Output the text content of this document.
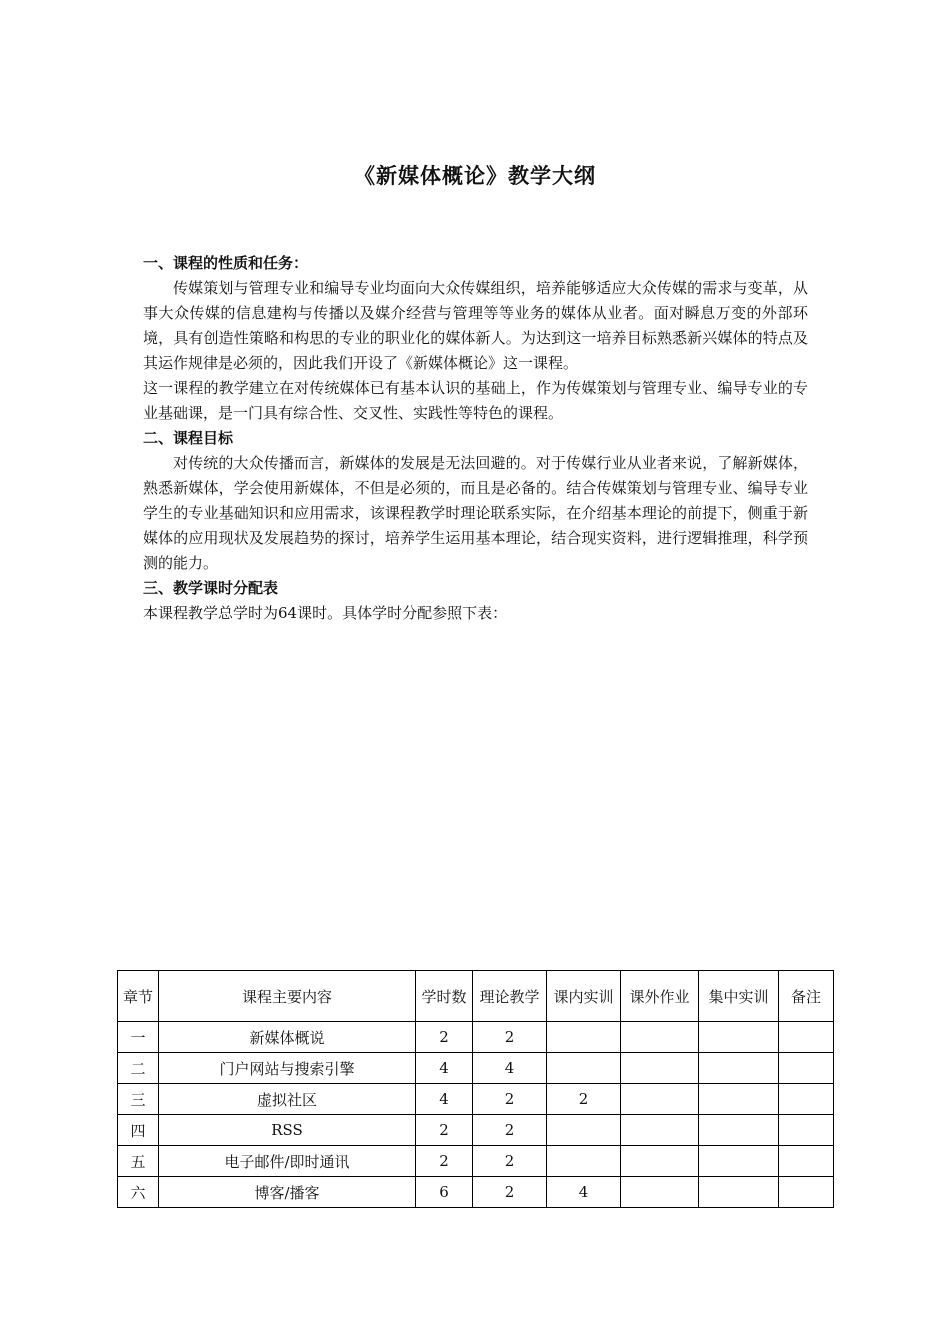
《新媒体概论》教学大纲
一、课程的性质和任务：
传媒策划与管理专业和编导专业均面向大众传媒组织，培养能够适应大众传媒的需求与变革，从事大众传媒的信息建构与传播以及媒介经营与管理等等业务的媒体从业者。面对瞬息万变的外部环境，具有创造性策略和构思的专业的职业化的媒体新人。为达到这一培养目标熟悉新兴媒体的特点及其运作规律是必须的，因此我们开设了《新媒体概论》这一课程。
这一课程的教学建立在对传统媒体已有基本认识的基础上，作为传媒策划与管理专业、编导专业的专业基础课，是一门具有综合性、交叉性、实践性等特色的课程。
二、课程目标
对传统的大众传播而言，新媒体的发展是无法回避的。对于传媒行业从业者来说，了解新媒体，熟悉新媒体，学会使用新媒体，不但是必须的，而且是必备的。结合传媒策划与管理专业、编导专业学生的专业基础知识和应用需求，该课程教学时理论联系实际，在介绍基本理论的前提下，侧重于新媒体的应用现状及发展趋势的探讨，培养学生运用基本理论，结合现实资料，进行逻辑推理，科学预测的能力。
三、教学课时分配表
本课程教学总学时为64课时。具体学时分配参照下表：
章节	课程主要内容	学时数	理论教学	课内实训	课外作业	集中实训	备注
一	新媒体概说	2	2				
二	门户网站与搜索引擎	4	4				
三	虚拟社区	4	2	2			
四	RSS	2	2				
五	电子邮件/即时通讯	2	2				
六	博客/播客	6	2	4			
